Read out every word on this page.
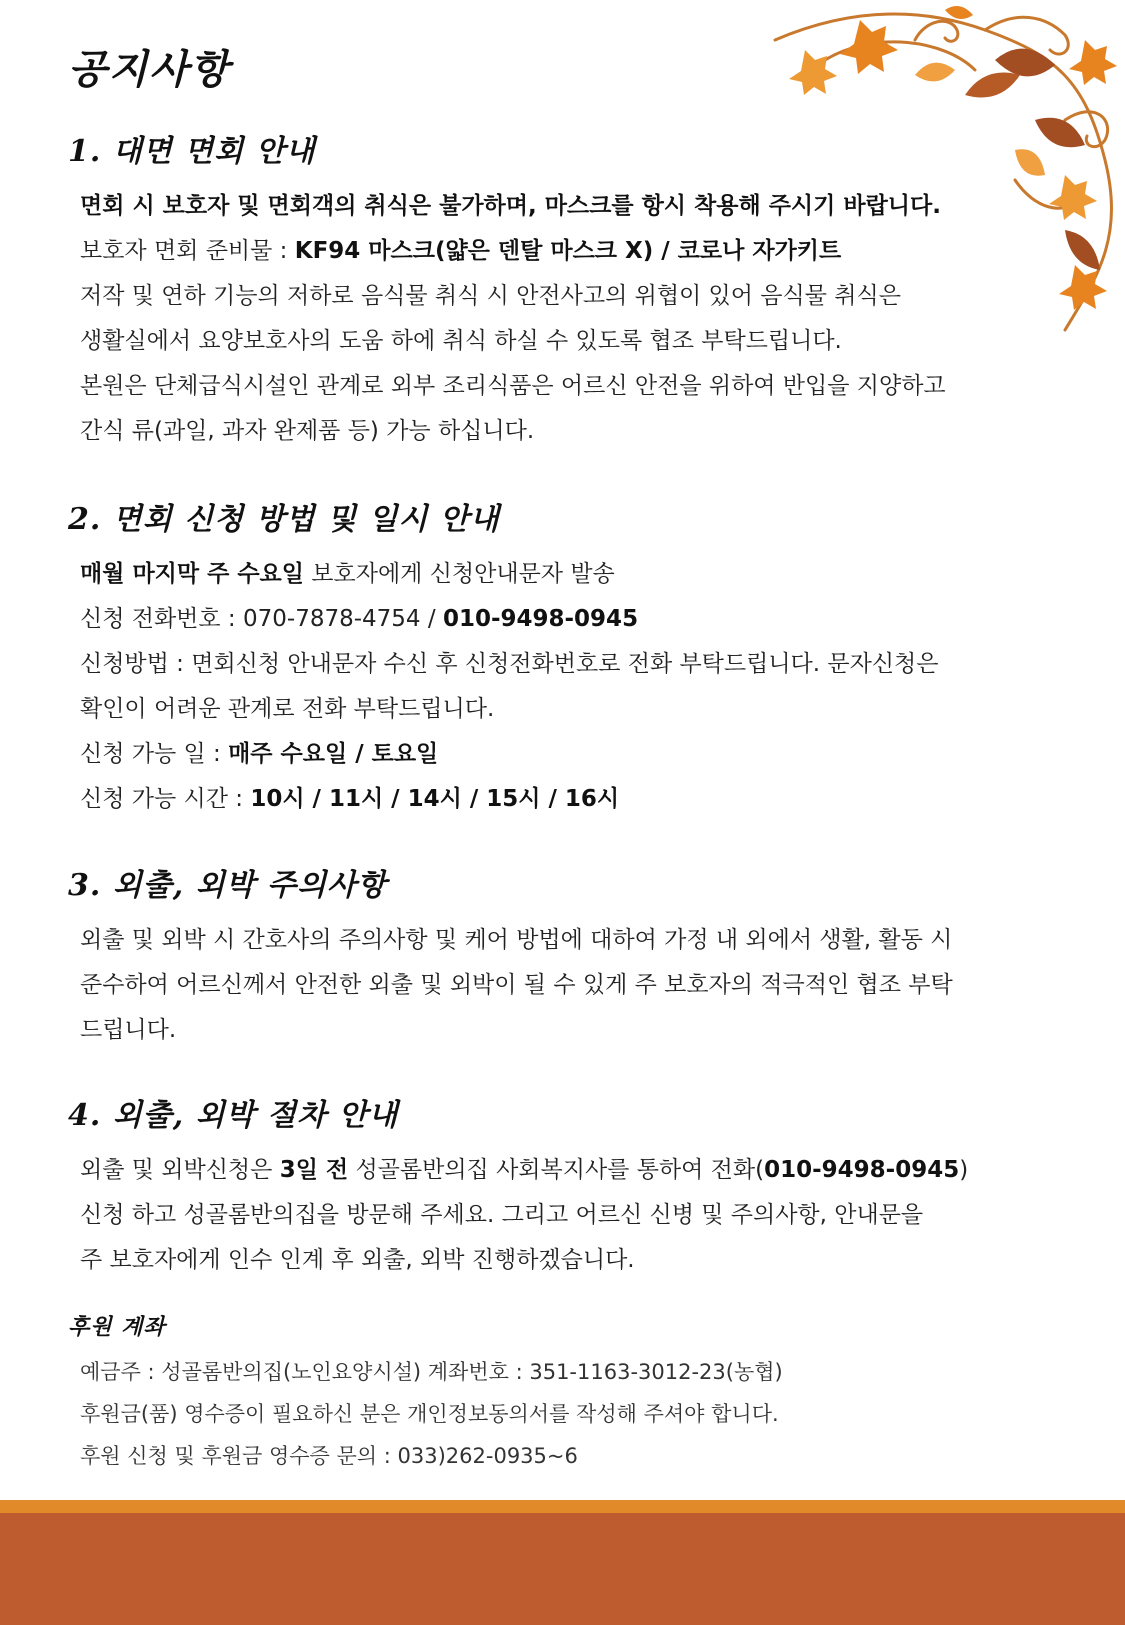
공지사항
1. 대면 면회 안내
면회 시 보호자 및 면회객의 취식은 불가하며, 마스크를 항시 착용해 주시기 바랍니다.
보호자 면회 준비물 : KF94 마스크(얇은 덴탈 마스크 X) / 코로나 자가키트
저작 및 연하 기능의 저하로 음식물 취식 시 안전사고의 위협이 있어 음식물 취식은
생활실에서 요양보호사의 도움 하에 취식 하실 수 있도록 협조 부탁드립니다.
본원은 단체급식시설인 관계로 외부 조리식품은 어르신 안전을 위하여 반입을 지양하고
간식 류(과일, 과자 완제품 등) 가능 하십니다.
2. 면회 신청 방법 및 일시 안내
매월 마지막 주 수요일 보호자에게 신청안내문자 발송
신청 전화번호 : 070-7878-4754 / 010-9498-0945
신청방법 : 면회신청 안내문자 수신 후 신청전화번호로 전화 부탁드립니다. 문자신청은
확인이 어려운 관계로 전화 부탁드립니다.
신청 가능 일 : 매주 수요일 / 토요일
신청 가능 시간 : 10시 / 11시 / 14시 / 15시 / 16시
3. 외출, 외박 주의사항
외출 및 외박 시 간호사의 주의사항 및 케어 방법에 대하여 가정 내 외에서 생활, 활동 시
준수하여 어르신께서 안전한 외출 및 외박이 될 수 있게 주 보호자의 적극적인 협조 부탁
드립니다.
4. 외출, 외박 절차 안내
외출 및 외박신청은 3일 전 성골롬반의집 사회복지사를 통하여 전화(010-9498-0945)
신청 하고 성골롬반의집을 방문해 주세요. 그리고 어르신 신병 및 주의사항, 안내문을
주 보호자에게 인수 인계 후 외출, 외박 진행하겠습니다.
후원 계좌
예금주 : 성골롬반의집(노인요양시설) 계좌번호 : 351-1163-3012-23(농협)
후원금(품) 영수증이 필요하신 분은 개인정보동의서를 작성해 주셔야 합니다.
후원 신청 및 후원금 영수증 문의 : 033)262-0935~6
